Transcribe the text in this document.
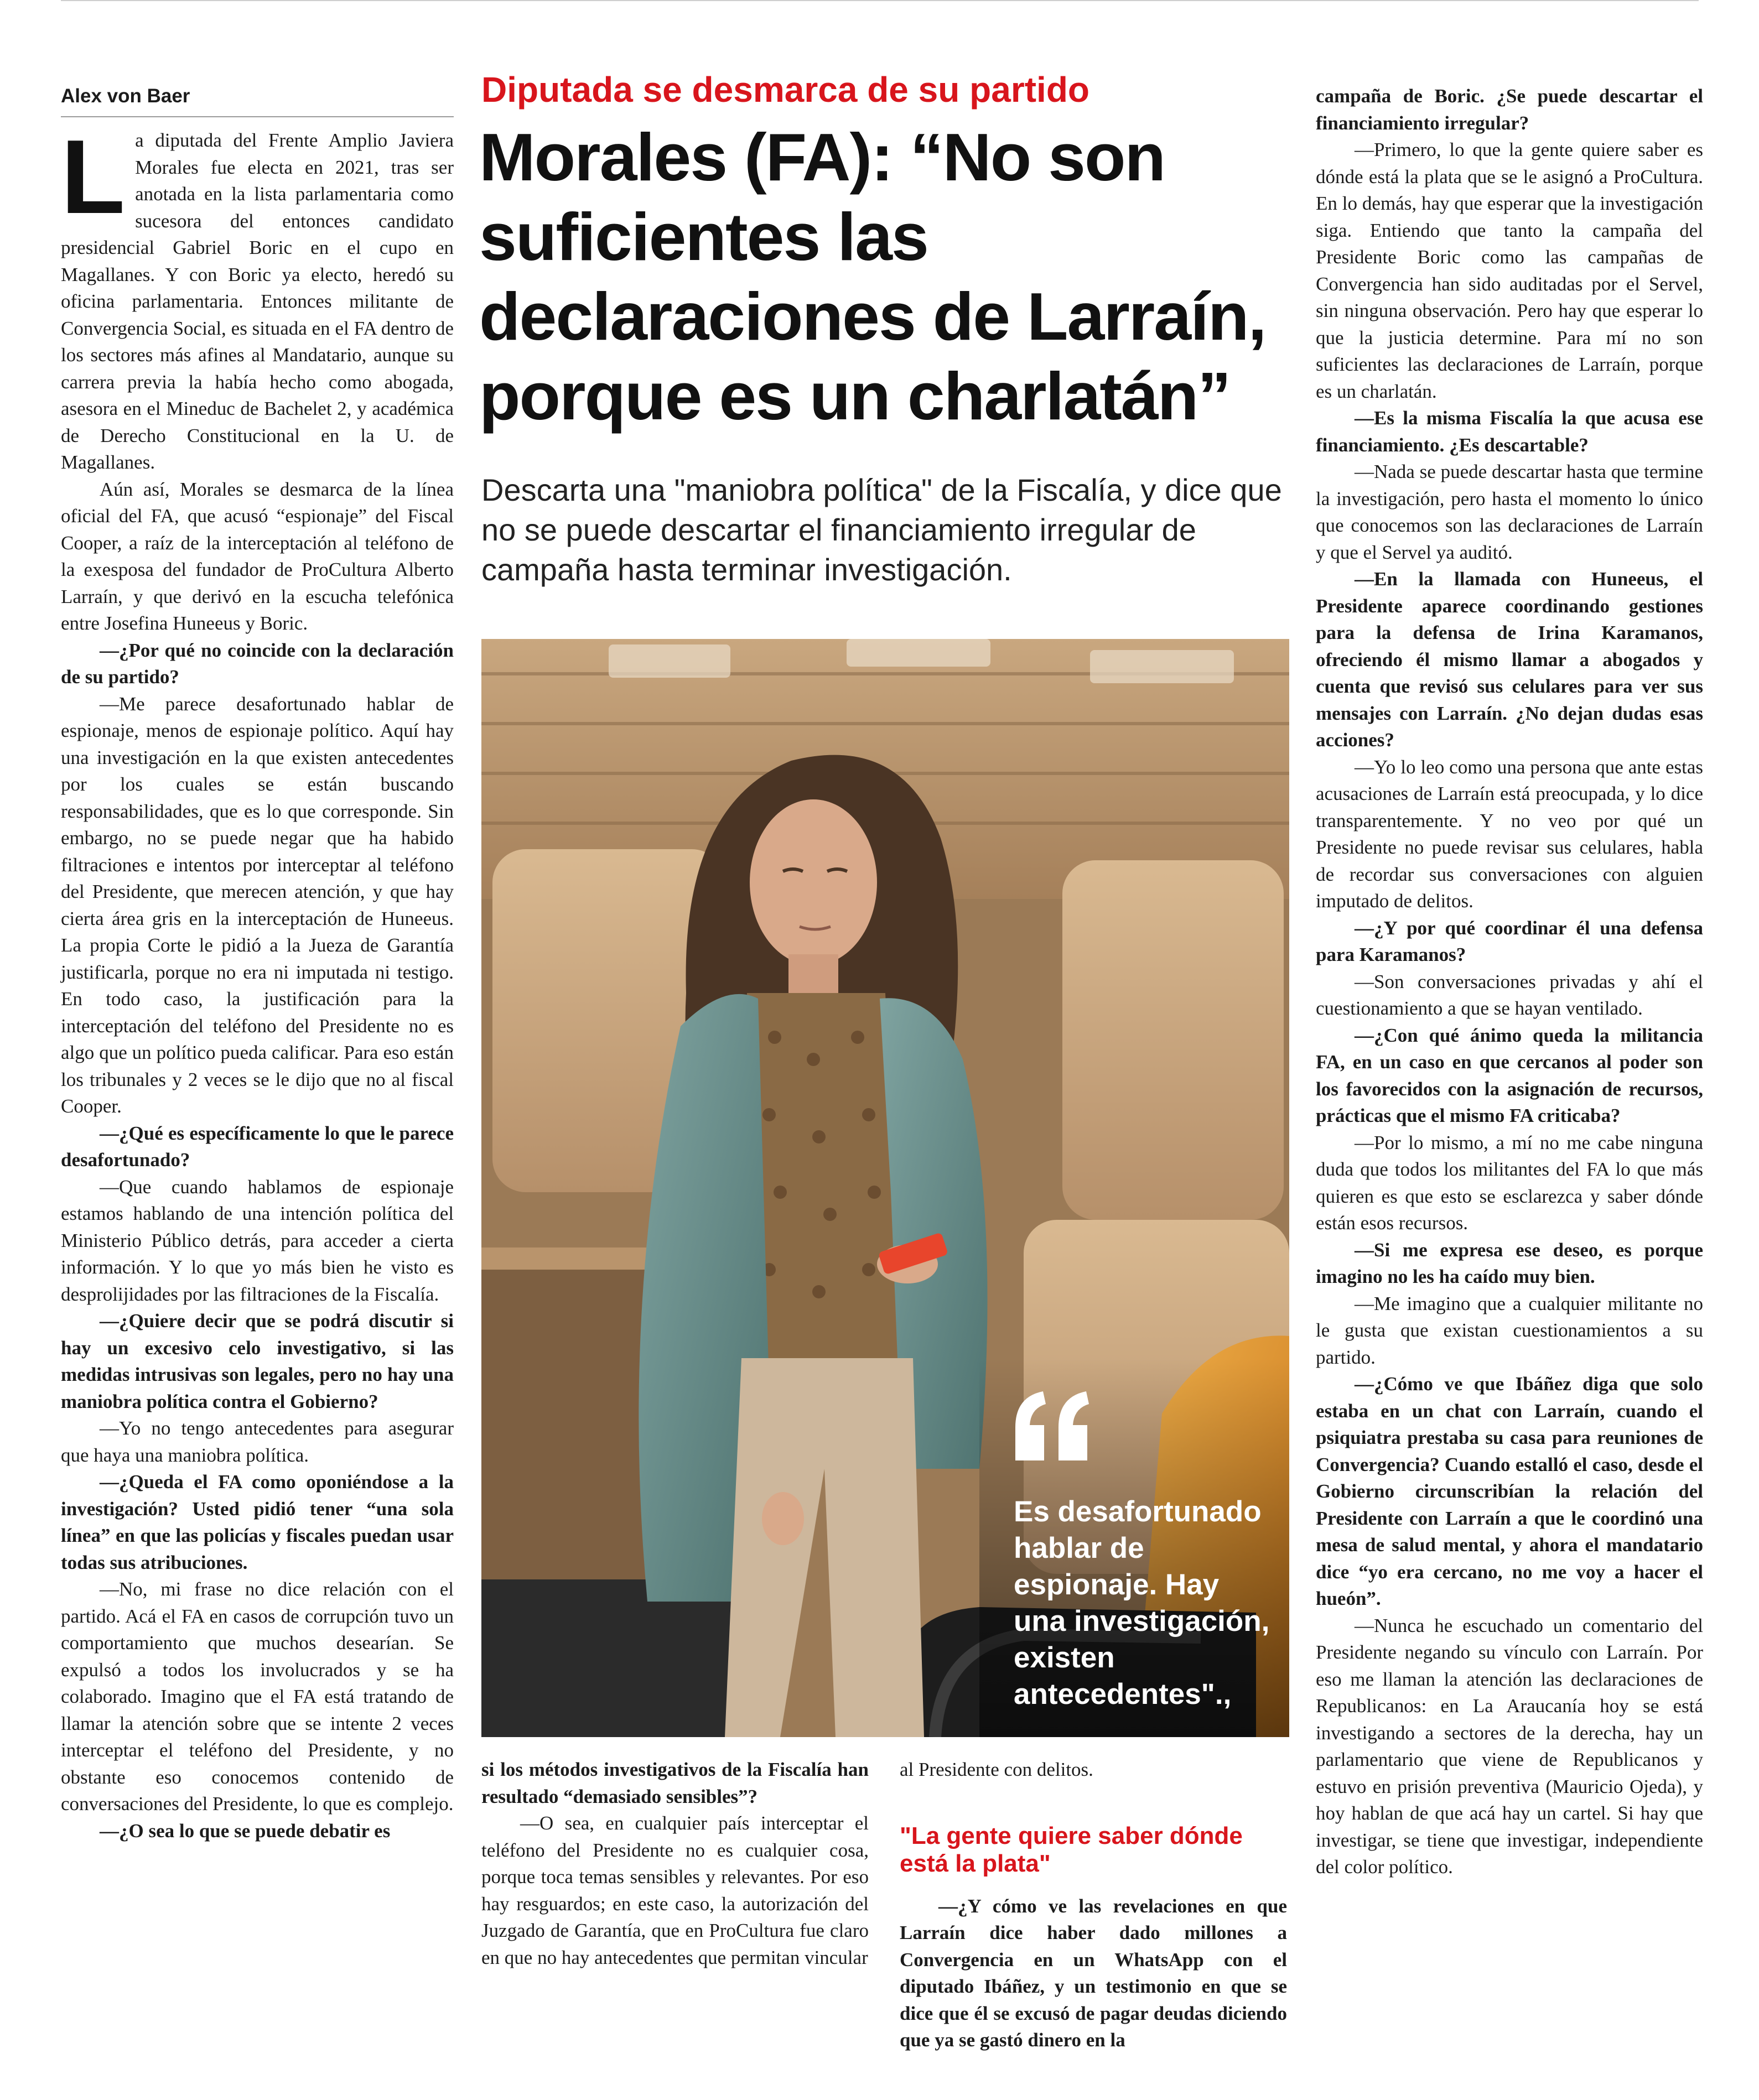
Alex von Baer	Diputada se desmarca de su partido
Morales (FA): “No son suficientes las declaraciones de Larraín, porque es un charlatán”

Descarta una "maniobra política" de la Fiscalía, y dice que no se puede descartar el financiamiento irregular de campaña hasta terminar investigación.

L a diputada del Frente Amplio Javiera Morales fue electa en 2021, tras ser anotada en la lista parlamentaria como sucesora del entonces candidato presidencial Gabriel Boric en el cupo en Magallanes. Y con Boric ya electo, heredó su oficina parlamentaria. Entonces militante de Convergencia Social, es situada en el FA dentro de los sectores más afines al Mandatario, aunque su carrera previa la había hecho como abogada, asesora en el Mineduc de Bachelet 2, y académica de Derecho Constitucional en la U. de Magallanes.

Aún así, Morales se desmarca de la línea oficial del FA, que acusó “espionaje” del Fiscal Cooper, a raíz de la interceptación al teléfono de la exesposa del fundador de ProCultura Alberto Larraín, y que derivó en la escucha telefónica entre Josefina Huneeus y Boric.

—¿Por qué no coincide con la declaración de su partido?

—Me parece desafortunado hablar de espionaje, menos de espionaje político. Aquí hay una investigación en la que existen antecedentes por los cuales se están buscando responsabilidades, que es lo que corresponde. Sin embargo, no se puede negar que ha habido filtraciones e intentos por interceptar al teléfono del Presidente, que merecen atención, y que hay cierta área gris en la interceptación de Huneeus. La propia Corte le pidió a la Jueza de Garantía justificarla, porque no era ni imputada ni testigo. En todo caso, la justificación para la interceptación del teléfono del Presidente no es algo que un político pueda calificar. Para eso están los tribunales y 2 veces se le dijo que no al fiscal Cooper.

—¿Qué es específicamente lo que le parece desafortunado?

—Que cuando hablamos de espionaje estamos hablando de una intención política del Ministerio Público detrás, para acceder a cierta información. Y lo que yo más bien he visto es desprolijidades por las filtraciones de la Fiscalía.

—¿Quiere decir que se podrá discutir si hay un excesivo celo investigativo, si las medidas intrusivas son legales, pero no hay una maniobra política contra el Gobierno?

—Yo no tengo antecedentes para asegurar que haya una maniobra política.

—¿Queda el FA como oponiéndose a la investigación? Usted pidió tener “una sola línea” en que las policías y fiscales puedan usar todas sus atribuciones.

—No, mi frase no dice relación con el partido. Acá el FA en casos de corrupción tuvo un comportamiento que muchos desearían. Se expulsó a todos los involucrados y se ha colaborado. Imagino que el FA está tratando de llamar la atención sobre que se intente 2 veces interceptar el teléfono del Presidente, y no obstante eso conocemos contenido de conversaciones del Presidente, lo que es complejo.

—¿O sea lo que se puede debatir es

Es desafortunado hablar de espionaje. Hay una investigación, existen antecedentes".,

si los métodos investigativos de la Fiscalía han resultado “demasiado sensibles”?

—O sea, en cualquier país interceptar el teléfono del Presidente no es cualquier cosa, porque toca temas sensibles y relevantes. Por eso hay resguardos; en este caso, la autorización del Juzgado de Garantía, que en ProCultura fue claro en que no hay antecedentes que permitan vincular

al Presidente con delitos.

"La gente quiere saber dónde está la plata"

—¿Y cómo ve las revelaciones en que Larraín dice haber dado millones a Convergencia en un WhatsApp con el diputado Ibáñez, y un testimonio en que se dice que él se excusó de pagar deudas diciendo que ya se gastó dinero en la

campaña de Boric. ¿Se puede descartar el financiamiento irregular?

—Primero, lo que la gente quiere saber es dónde está la plata que se le asignó a ProCultura. En lo demás, hay que esperar que la investigación siga. Entiendo que tanto la campaña del Presidente Boric como las campañas de Convergencia han sido auditadas por el Servel, sin ninguna observación. Pero hay que esperar lo que la justicia determine. Para mí no son suficientes las declaraciones de Larraín, porque es un charlatán.

—Es la misma Fiscalía la que acusa ese financiamiento. ¿Es descartable?

—Nada se puede descartar hasta que termine la investigación, pero hasta el momento lo único que conocemos son las declaraciones de Larraín y que el Servel ya auditó.

—En la llamada con Huneeus, el Presidente aparece coordinando gestiones para la defensa de Irina Karamanos, ofreciendo él mismo llamar a abogados y cuenta que revisó sus celulares para ver sus mensajes con Larraín. ¿No dejan dudas esas acciones?

—Yo lo leo como una persona que ante estas acusaciones de Larraín está preocupada, y lo dice transparentemente. Y no veo por qué un Presidente no puede revisar sus celulares, habla de recordar sus conversaciones con alguien imputado de delitos.

—¿Y por qué coordinar él una defensa para Karamanos?

—Son conversaciones privadas y ahí el cuestionamiento a que se hayan ventilado.

—¿Con qué ánimo queda la militancia FA, en un caso en que cercanos al poder son los favorecidos con la asignación de recursos, prácticas que el mismo FA criticaba?

—Por lo mismo, a mí no me cabe ninguna duda que todos los militantes del FA lo que más quieren es que esto se esclarezca y saber dónde están esos recursos.

—Si me expresa ese deseo, es porque imagino no les ha caído muy bien.

—Me imagino que a cualquier militante no le gusta que existan cuestionamientos a su partido.

—¿Cómo ve que Ibáñez diga que solo estaba en un chat con Larraín, cuando el psiquiatra prestaba su casa para reuniones de Convergencia? Cuando estalló el caso, desde el Gobierno circunscribían la relación del Presidente con Larraín a que le coordinó una mesa de salud mental, y ahora el mandatario dice “yo era cercano, no me voy a hacer el hueón”.

—Nunca he escuchado un comentario del Presidente negando su vínculo con Larraín. Por eso me llaman la atención las declaraciones de Republicanos: en La Araucanía hoy se está investigando a sectores de la derecha, hay un parlamentario que viene de Republicanos y estuvo en prisión preventiva (Mauricio Ojeda), y hoy hablan de que acá hay un cartel. Si hay que investigar, se tiene que investigar, independiente del color político.
